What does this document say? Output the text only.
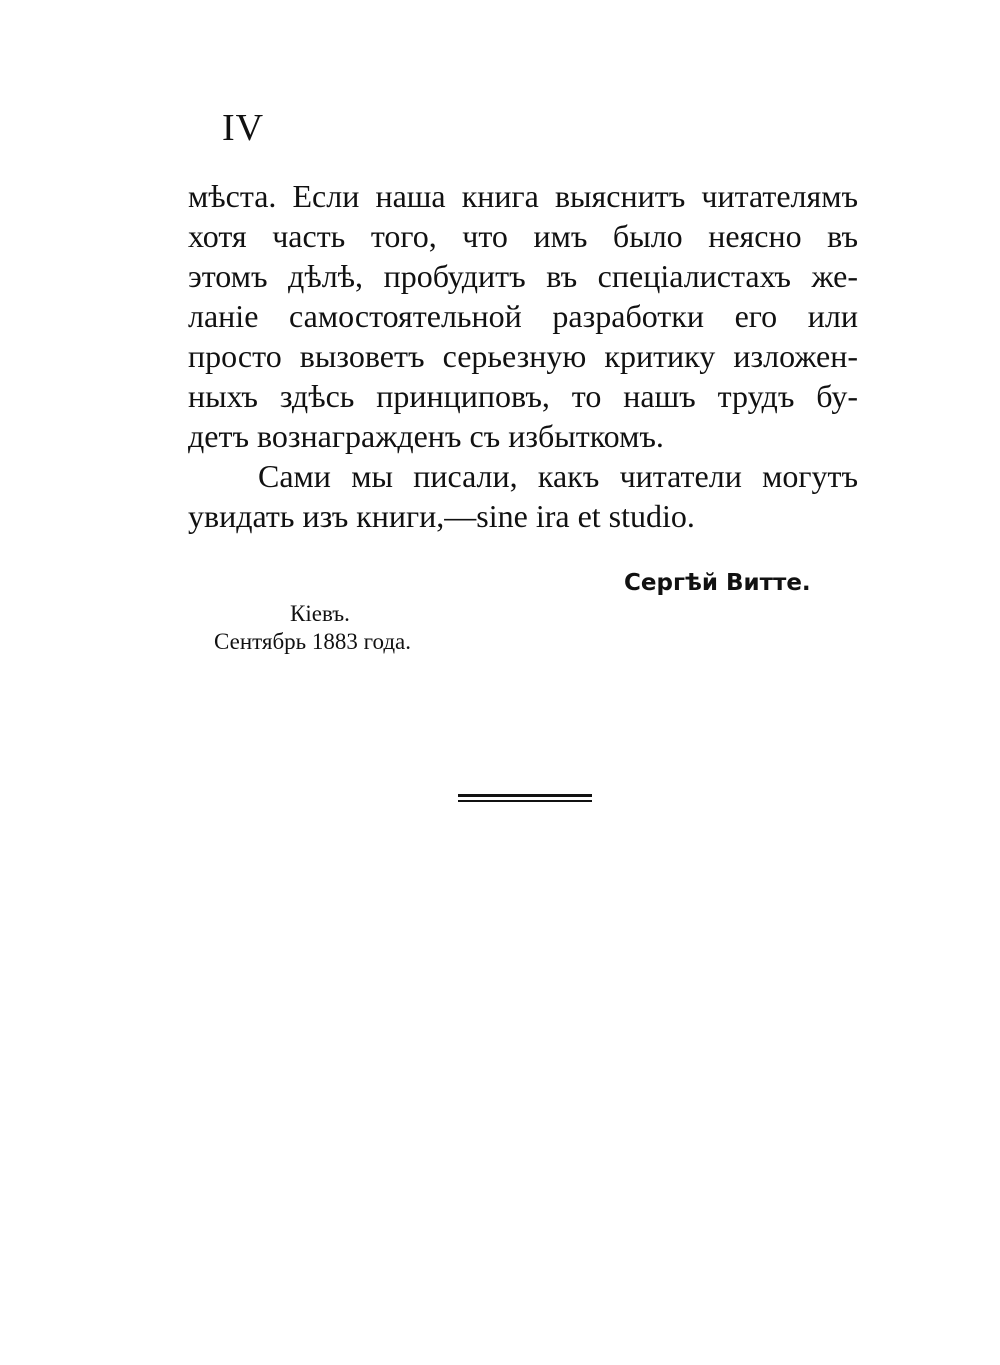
IV
мѣста. Если наша книга выяснитъ читателямъ
хотя часть того, что имъ было неясно въ
этомъ дѣлѣ, пробудитъ въ спеціалистахъ же-
ланіе самостоятельной разработки его или
просто вызоветъ серьезную критику изложен-
ныхъ здѣсь принциповъ, то нашъ трудъ бу-
детъ вознагражденъ съ избыткомъ.
Сами мы писали, какъ читатели могутъ
увидать изъ книги,—sine ira et studio.
Сергѣй Витте.
Кіевъ.
Сентябрь 1883 года.
